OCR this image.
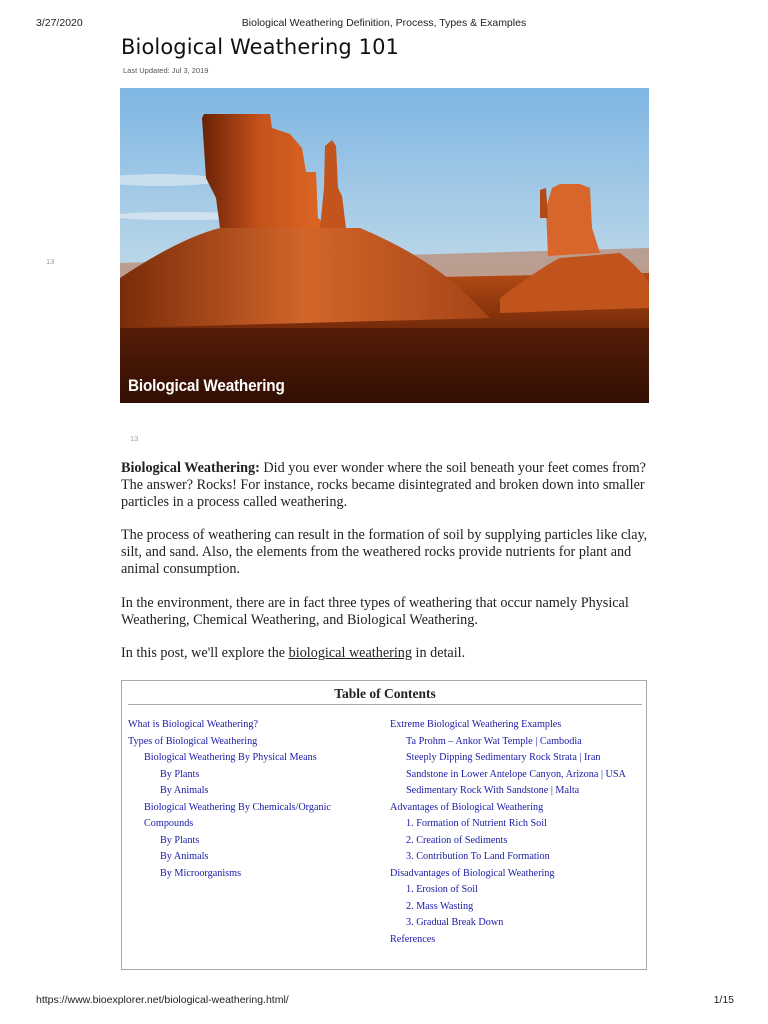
3/27/2020	Biological Weathering Definition, Process, Types & Examples
Biological Weathering 101
Last Updated: Jul 3, 2019
13
Biological Weathering
13

Biological Weathering: Did you ever wonder where the soil beneath your feet comes from? The answer? Rocks! For instance, rocks became disintegrated and broken down into smaller particles in a process called weathering.

The process of weathering can result in the formation of soil by supplying particles like clay, silt, and sand. Also, the elements from the weathered rocks provide nutrients for plant and animal consumption.

In the environment, there are in fact three types of weathering that occur namely Physical Weathering, Chemical Weathering, and Biological Weathering.

In this post, we'll explore the biological weathering in detail.

Table of Contents
What is Biological Weathering?
Types of Biological Weathering
Biological Weathering By Physical Means
By Plants
By Animals
Biological Weathering By Chemicals/Organic Compounds
By Plants
By Animals
By Microorganisms
Extreme Biological Weathering Examples
Ta Prohm – Ankor Wat Temple | Cambodia
Steeply Dipping Sedimentary Rock Strata | Iran
Sandstone in Lower Antelope Canyon, Arizona | USA
Sedimentary Rock With Sandstone | Malta
Advantages of Biological Weathering
1. Formation of Nutrient Rich Soil
2. Creation of Sediments
3. Contribution To Land Formation
Disadvantages of Biological Weathering
1. Erosion of Soil
2. Mass Wasting
3. Gradual Break Down
References
https://www.bioexplorer.net/biological-weathering.html/	1/15
